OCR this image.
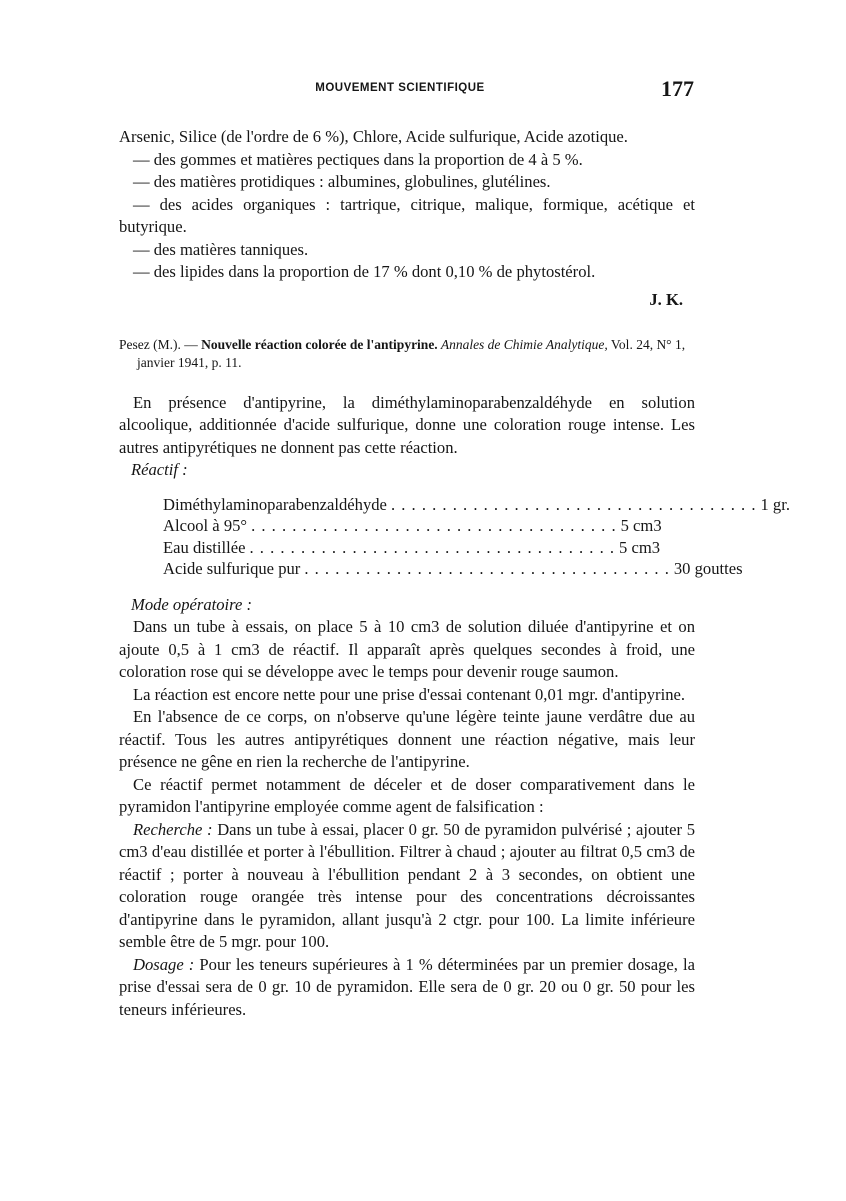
MOUVEMENT SCIENTIFIQUE	177

Arsenic, Silice (de l'ordre de 6 %), Chlore, Acide sulfurique, Acide azotique.

— des gommes et matières pectiques dans la proportion de 4 à 5 %.

— des matières protidiques : albumines, globulines, glutélines.

— des acides organiques : tartrique, citrique, malique, formique, acétique et butyrique.

— des matières tanniques.

— des lipides dans la proportion de 17 % dont 0,10 % de phytostérol.

J. K.

Pesez (M.). — Nouvelle réaction colorée de l'antipyrine. Annales de Chimie Analytique, Vol. 24, N° 1, janvier 1941, p. 11.

En présence d'antipyrine, la diméthylaminoparabenzaldéhyde en solution alcoolique, additionnée d'acide sulfurique, donne une coloration rouge intense. Les autres antipyrétiques ne donnent pas cette réaction.

Réactif :

Diméthylaminoparabenzaldéhyde . . . . . . . . . . . . . . . . . . . . . . . . . . . . . . . . . . . . 1 gr.
Alcool à 95° . . . . . . . . . . . . . . . . . . . . . . . . . . . . . . . . . . . . 5 cm3
Eau distillée . . . . . . . . . . . . . . . . . . . . . . . . . . . . . . . . . . . . 5 cm3
Acide sulfurique pur . . . . . . . . . . . . . . . . . . . . . . . . . . . . . . . . . . . . 30 gouttes

Mode opératoire :

Dans un tube à essais, on place 5 à 10 cm3 de solution diluée d'antipyrine et on ajoute 0,5 à 1 cm3 de réactif. Il apparaît après quelques secondes à froid, une coloration rose qui se développe avec le temps pour devenir rouge saumon.

La réaction est encore nette pour une prise d'essai contenant 0,01 mgr. d'antipyrine.

En l'absence de ce corps, on n'observe qu'une légère teinte jaune verdâtre due au réactif. Tous les autres antipyrétiques donnent une réaction négative, mais leur présence ne gêne en rien la recherche de l'antipyrine.

Ce réactif permet notamment de déceler et de doser comparativement dans le pyramidon l'antipyrine employée comme agent de falsification :

Recherche : Dans un tube à essai, placer 0 gr. 50 de pyramidon pulvérisé ; ajouter 5 cm3 d'eau distillée et porter à l'ébullition. Filtrer à chaud ; ajouter au filtrat 0,5 cm3 de réactif ; porter à nouveau à l'ébullition pendant 2 à 3 secondes, on obtient une coloration rouge orangée très intense pour des concentrations décroissantes d'antipyrine dans le pyramidon, allant jusqu'à 2 ctgr. pour 100. La limite inférieure semble être de 5 mgr. pour 100.

Dosage : Pour les teneurs supérieures à 1 % déterminées par un premier dosage, la prise d'essai sera de 0 gr. 10 de pyramidon. Elle sera de 0 gr. 20 ou 0 gr. 50 pour les teneurs inférieures.
